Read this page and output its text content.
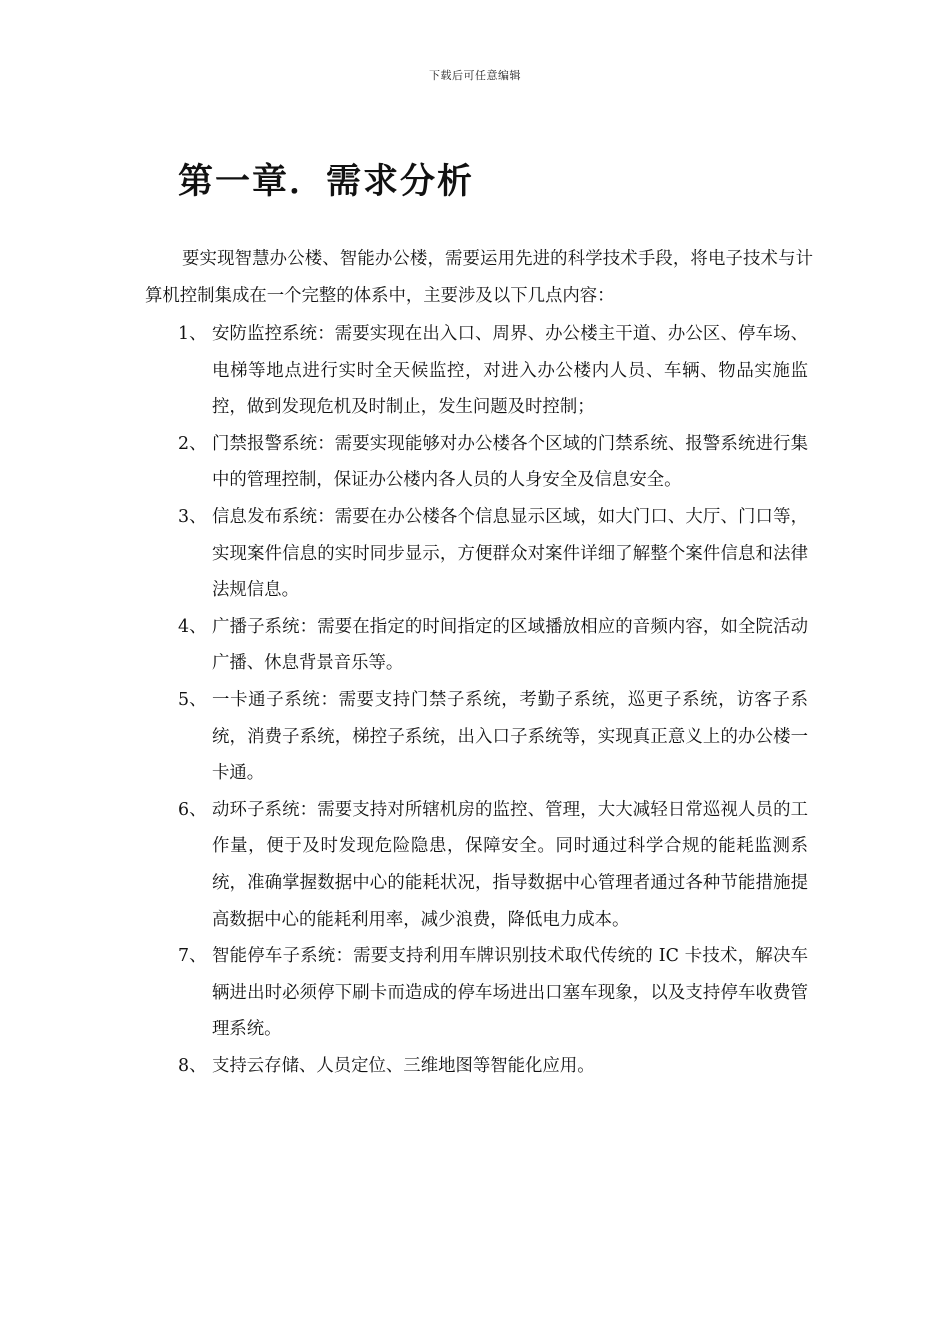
下载后可任意编辑
第一章．需求分析

要实现智慧办公楼、智能办公楼，需要运用先进的科学技术手段，将电子技术与计算机控制集成在一个完整的体系中，主要涉及以下几点内容：

1、 安防监控系统：需要实现在出入口、周界、办公楼主干道、办公区、停车场、电梯等地点进行实时全天候监控，对进入办公楼内人员、车辆、物品实施监控，做到发现危机及时制止，发生问题及时控制；
2、 门禁报警系统：需要实现能够对办公楼各个区域的门禁系统、报警系统进行集中的管理控制，保证办公楼内各人员的人身安全及信息安全。
3、 信息发布系统：需要在办公楼各个信息显示区域，如大门口、大厅、门口等，实现案件信息的实时同步显示，方便群众对案件详细了解整个案件信息和法律法规信息。
4、 广播子系统：需要在指定的时间指定的区域播放相应的音频内容，如全院活动广播、休息背景音乐等。
5、 一卡通子系统：需要支持门禁子系统，考勤子系统，巡更子系统，访客子系统，消费子系统，梯控子系统，出入口子系统等，实现真正意义上的办公楼一卡通。
6、 动环子系统：需要支持对所辖机房的监控、管理，大大减轻日常巡视人员的工作量，便于及时发现危险隐患，保障安全。同时通过科学合规的能耗监测系统，准确掌握数据中心的能耗状况，指导数据中心管理者通过各种节能措施提高数据中心的能耗利用率，减少浪费，降低电力成本。
7、 智能停车子系统：需要支持利用车牌识别技术取代传统的 IC 卡技术，解决车辆进出时必须停下刷卡而造成的停车场进出口塞车现象，以及支持停车收费管理系统。
8、 支持云存储、人员定位、三维地图等智能化应用。
